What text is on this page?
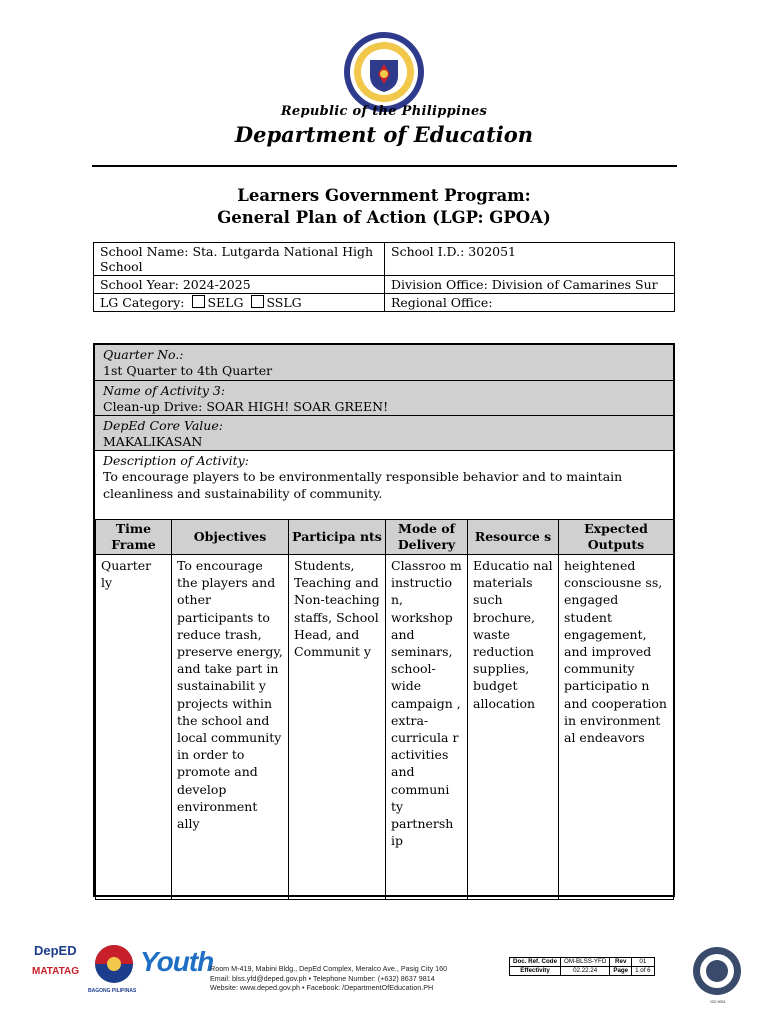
Republic of the Philippines
Department of Education
Learners Government Program:
General Plan of Action (LGP: GPOA)
School Name: Sta. Lutgarda National High School	School I.D.: 302051
School Year: 2024-2025	Division Office: Division of Camarines Sur
LG Category: SELG SSLG	Regional Office:
Quarter No.:
1st Quarter to 4th Quarter
Name of Activity 3:
Clean-up Drive: SOAR HIGH! SOAR GREEN!
DepEd Core Value:
MAKALIKASAN
Description of Activity:
To encourage players to be environmentally responsible behavior and to maintain cleanliness and sustainability of community.
Time Frame	Objectives	Participa nts	Mode of Delivery	Resource s	Expected Outputs
Quarter ly	To encourage the players and other participants to reduce trash, preserve energy, and take part in sustainabilit y projects within the school and local community in order to promote and develop environment ally	Students, Teaching and Non-teaching staffs, School Head, and Communit y	Classroo m instructio n, workshop and seminars, school-wide campaign , extra-curricula r activities and communi ty partnersh ip	Educatio nal materials such brochure, waste reduction supplies, budget allocation	heightened consciousne ss, engaged student engagement, and improved community participatio n and cooperation in environment al endeavors
DepED
MATATAG
BAGONG PILIPINAS
Youth
Room M-419, Mabini Bldg., DepEd Complex, Meralco Ave., Pasig City 160
Email: blss.yfd@deped.gov.ph • Telephone Number: (+632) 8637 9814
Website: www.deped.gov.ph • Facebook: /DepartmentOfEducation.PH
Doc. Ref. Code	OM-BLSS-YFD	Rev	01
Effectivity	02.22.24	Page	1 of 6
ISO 9001
